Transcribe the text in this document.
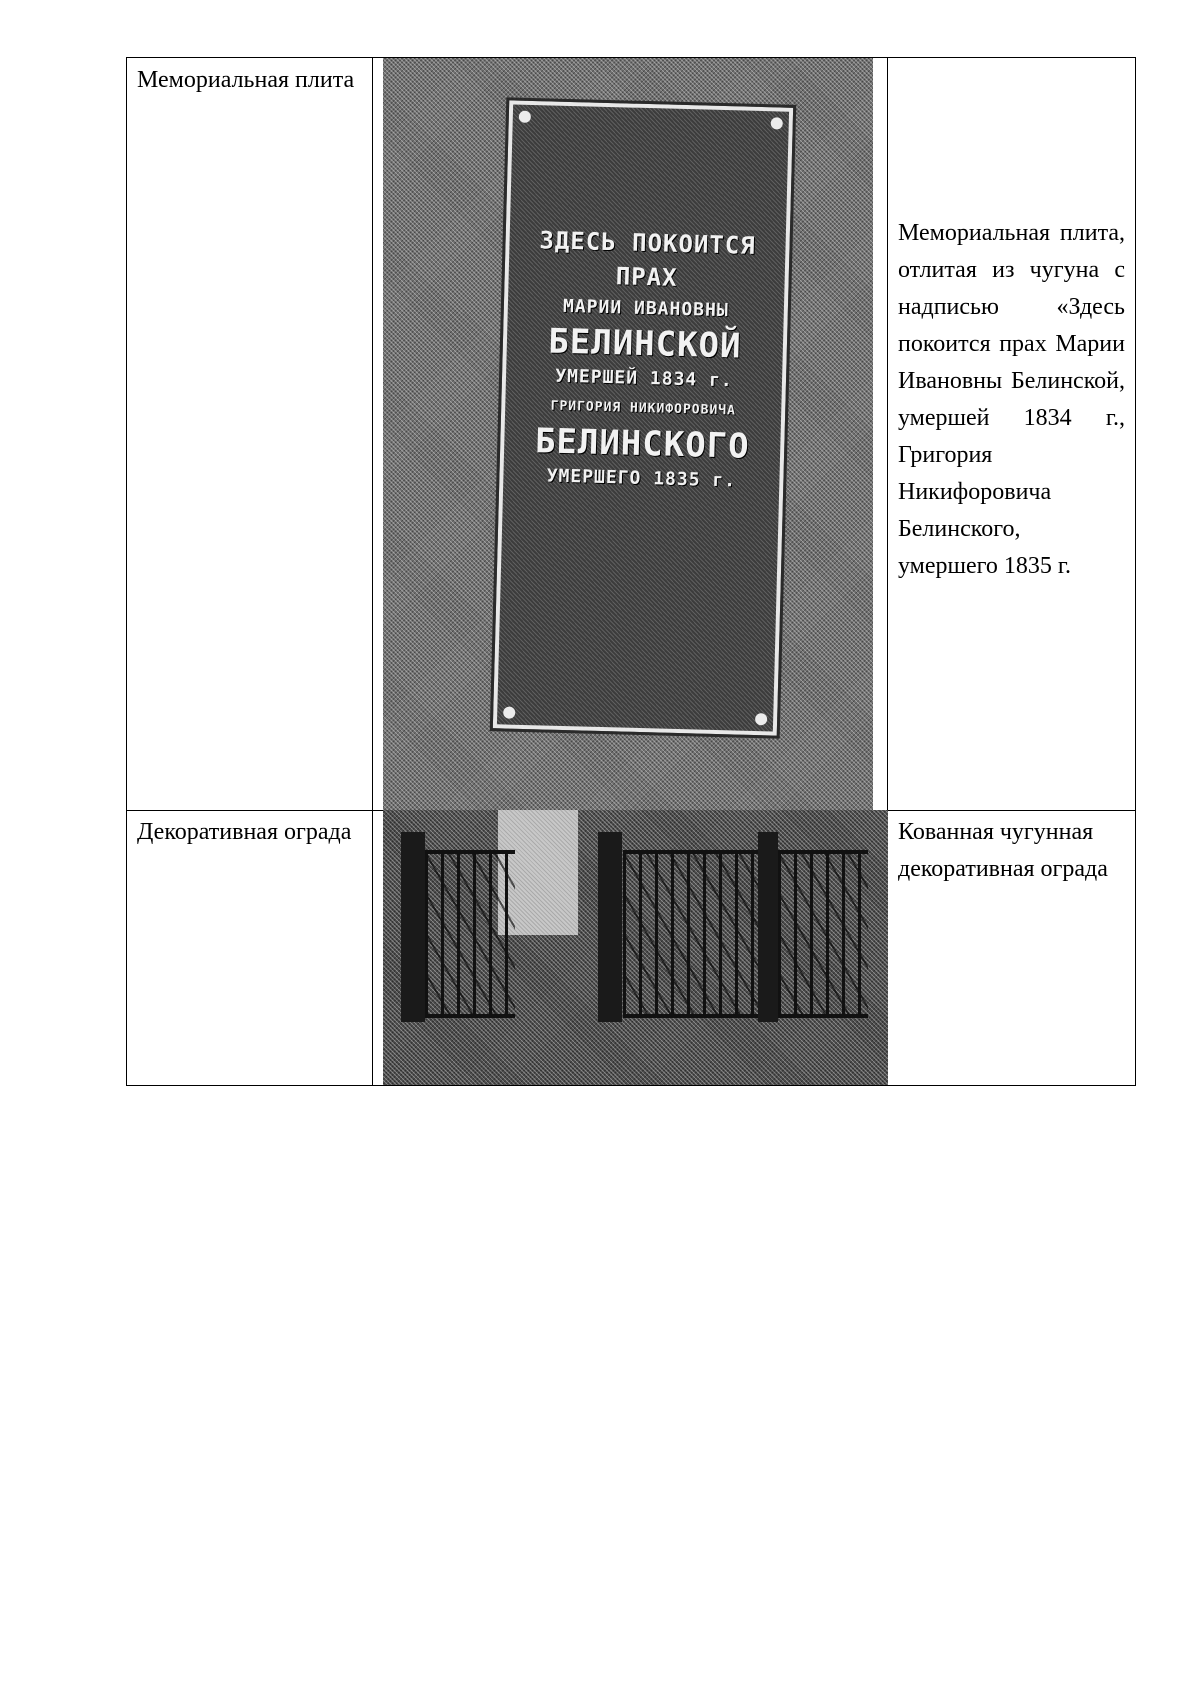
Мемориальная плита
ЗДЕСЬ ПОКОИТСЯ
ПРАХ
МАРИИ ИВАНОВНЫ
БЕЛИНСКОЙ
УМЕРШЕЙ 1834 г.
ГРИГОРИЯ НИКИФОРОВИЧА
БЕЛИНСКОГО
УМЕРШЕГО 1835 г.
Мемориальная плита, отлитая из чугуна с надписью «Здесь покоится прах Марии Ивановны Белинской, умершей 1834 г., Григория Никифоровича Белинского, умершего 1835 г.
Декоративная ограда	Кованная чугунная декоративная ограда
